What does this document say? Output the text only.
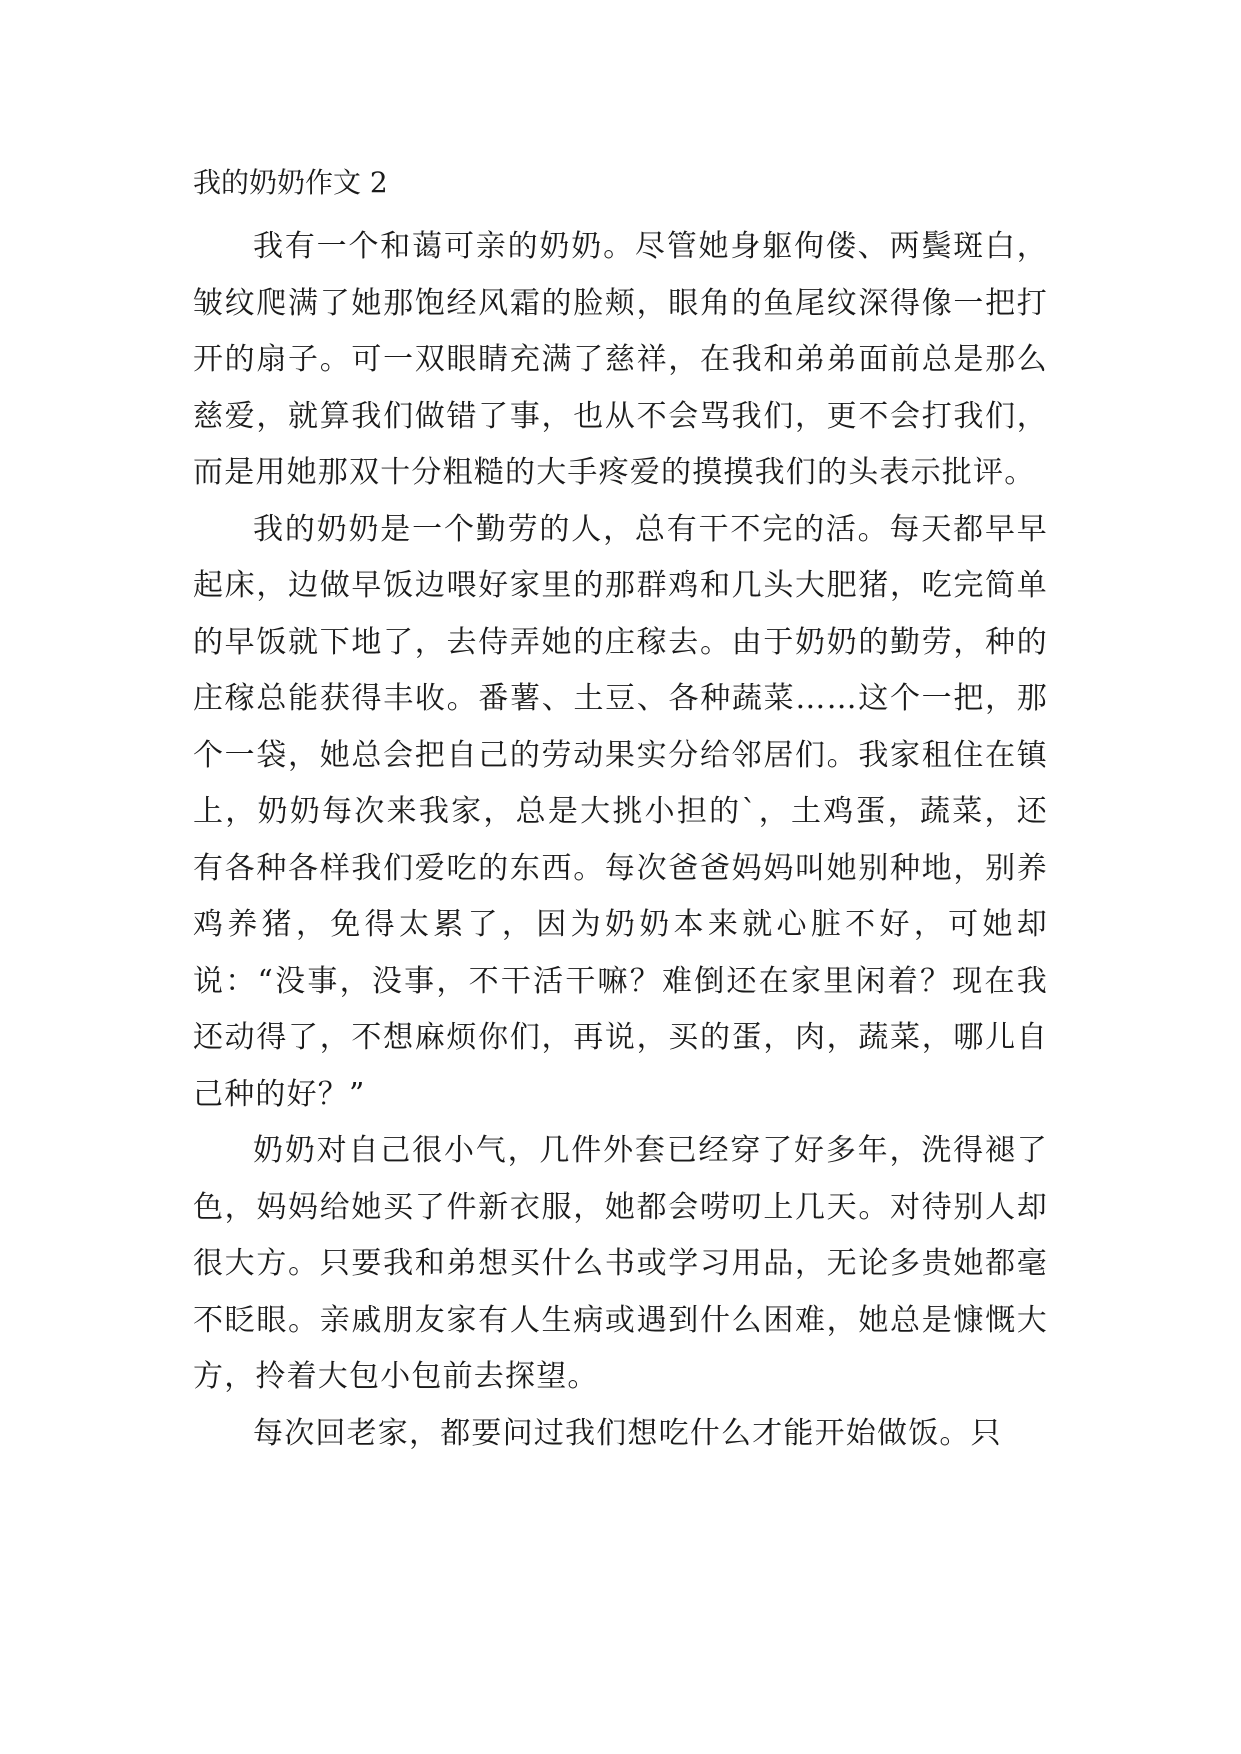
我的奶奶作文 2

我有一个和蔼可亲的奶奶。尽管她身躯佝偻、两鬓斑白，皱纹爬满了她那饱经风霜的脸颊，眼角的鱼尾纹深得像一把打开的扇子。可一双眼睛充满了慈祥，在我和弟弟面前总是那么慈爱，就算我们做错了事，也从不会骂我们，更不会打我们，而是用她那双十分粗糙的大手疼爱的摸摸我们的头表示批评。

我的奶奶是一个勤劳的人，总有干不完的活。每天都早早起床，边做早饭边喂好家里的那群鸡和几头大肥猪，吃完简单的早饭就下地了，去侍弄她的庄稼去。由于奶奶的勤劳，种的庄稼总能获得丰收。番薯、土豆、各种蔬菜……这个一把，那个一袋，她总会把自己的劳动果实分给邻居们。我家租住在镇上，奶奶每次来我家，总是大挑小担的`，土鸡蛋，蔬菜，还有各种各样我们爱吃的东西。每次爸爸妈妈叫她别种地，别养鸡养猪，免得太累了，因为奶奶本来就心脏不好，可她却说：“没事，没事，不干活干嘛？难倒还在家里闲着？现在我还动得了，不想麻烦你们，再说，买的蛋，肉，蔬菜，哪儿自己种的好？”

奶奶对自己很小气，几件外套已经穿了好多年，洗得褪了色，妈妈给她买了件新衣服，她都会唠叨上几天。对待别人却很大方。只要我和弟想买什么书或学习用品，无论多贵她都毫不眨眼。亲戚朋友家有人生病或遇到什么困难，她总是慷慨大方，拎着大包小包前去探望。

每次回老家，都要问过我们想吃什么才能开始做饭。只
